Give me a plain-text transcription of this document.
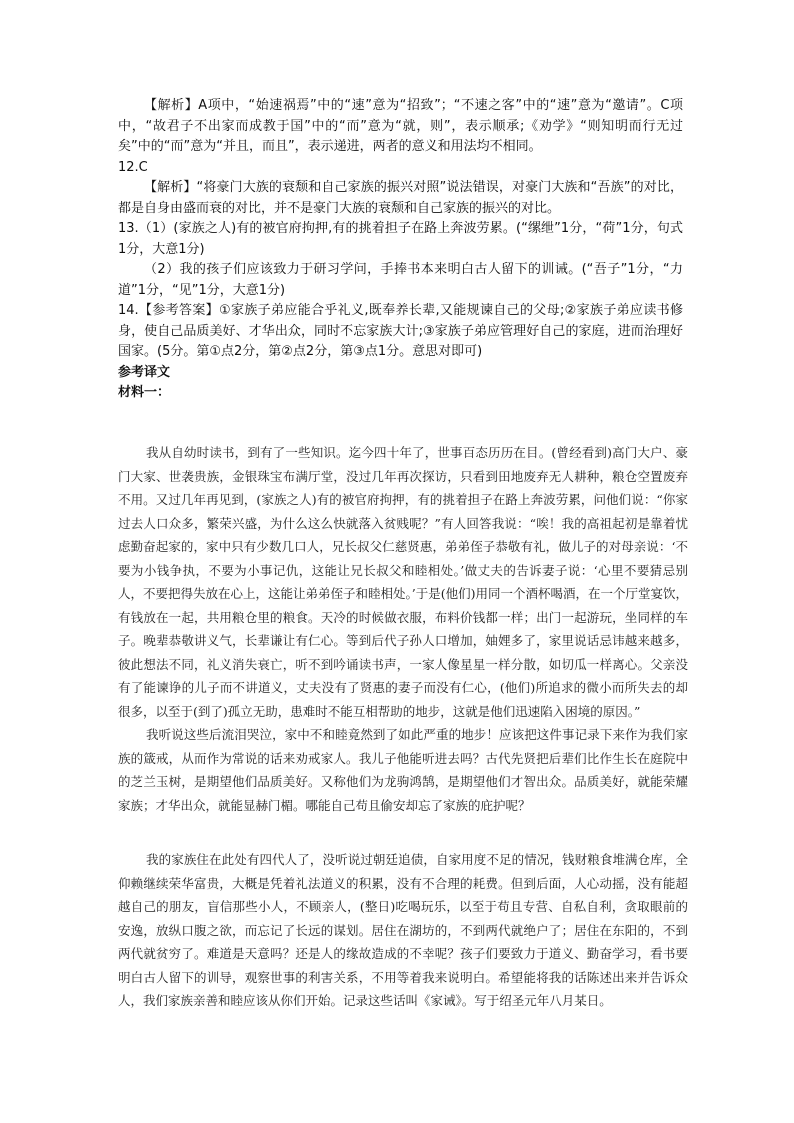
【解析】A项中，“始速祸焉”中的“速”意为“招致”；“不速之客”中的“速”意为“邀请”。C项中，“故君子不出家而成教于国”中的“而”意为“就，则”，表示顺承;《劝学》“则知明而行无过矣”中的“而”意为“并且，而且”，表示递进，两者的意义和用法均不相同。

12.C

【解析】“将豪门大族的衰颓和自己家族的振兴对照”说法错误，对豪门大族和“吾族”的对比，都是自身由盛而衰的对比，并不是豪门大族的衰颓和自己家族的振兴的对比。

13.（1）(家族之人)有的被官府拘押,有的挑着担子在路上奔波劳累。(“缧绁”1分，“荷”1分，句式1分，大意1分)

（2）我的孩子们应该致力于研习学问，手捧书本来明白古人留下的训诫。(“吾子”1分，“力道”1分，“见”1分，大意1分)

14.【参考答案】①家族子弟应能合乎礼义,既奉养长辈,又能规谏自己的父母;②家族子弟应读书修身，使自己品质美好、才华出众，同时不忘家族大计;③家族子弟应管理好自己的家庭，进而治理好国家。(5分。第①点2分，第②点2分，第③点1分。意思对即可)

参考译文

材料一：

我从自幼时读书，到有了一些知识。迄今四十年了，世事百态历历在目。(曾经看到)高门大户、豪门大家、世袭贵族，金银珠宝布满厅堂，没过几年再次探访，只看到田地废弃无人耕种，粮仓空置废弃不用。又过几年再见到，(家族之人)有的被官府拘押，有的挑着担子在路上奔波劳累，问他们说：“你家过去人口众多，繁荣兴盛，为什么这么快就落入贫贱呢？”有人回答我说：“唉！我的高祖起初是靠着忧虑勤奋起家的，家中只有少数几口人，兄长叔父仁慈贤惠，弟弟侄子恭敬有礼，做儿子的对母亲说：‘不要为小钱争执，不要为小事记仇，这能让兄长叔父和睦相处。’做丈夫的告诉妻子说：‘心里不要猜忌别人，不要把得失放在心上，这能让弟弟侄子和睦相处。’于是(他们)用同一个酒杯喝酒，在一个厅堂宴饮，有钱放在一起，共用粮仓里的粮食。天冷的时候做衣服，布料价钱都一样；出门一起游玩，坐同样的车子。晚辈恭敬讲义气，长辈谦让有仁心。等到后代子孙人口增加，妯娌多了，家里说话忌讳越来越多，彼此想法不同，礼义消失衰亡，听不到吟诵读书声，一家人像星星一样分散，如切瓜一样离心。父亲没有了能谏诤的儿子而不讲道义，丈夫没有了贤惠的妻子而没有仁心，(他们)所追求的微小而所失去的却很多，以至于(到了)孤立无助，患难时不能互相帮助的地步，这就是他们迅速陷入困境的原因。”

我听说这些后流泪哭泣，家中不和睦竟然到了如此严重的地步！应该把这件事记录下来作为我们家族的箴戒，从而作为常说的话来劝戒家人。我儿子他能听进去吗？古代先贤把后辈们比作生长在庭院中的芝兰玉树，是期望他们品质美好。又称他们为龙驹鸿鹄，是期望他们才智出众。品质美好，就能荣耀家族；才华出众，就能显赫门楣。哪能自己苟且偷安却忘了家族的庇护呢？

我的家族住在此处有四代人了，没听说过朝廷追债，自家用度不足的情况，钱财粮食堆满仓库，全仰赖继续荣华富贵，大概是凭着礼法道义的积累，没有不合理的耗费。但到后面，人心动摇，没有能超越自己的朋友，盲信那些小人，不顾亲人，(整日)吃喝玩乐，以至于苟且专营、自私自利，贪取眼前的安逸，放纵口腹之欲，而忘记了长远的谋划。居住在湖坊的，不到两代就绝户了；居住在东阳的，不到两代就贫穷了。难道是天意吗？还是人的缘故造成的不幸呢？孩子们要致力于道义、勤奋学习，看书要明白古人留下的训导，观察世事的利害关系，不用等着我来说明白。希望能将我的话陈述出来并告诉众人，我们家族亲善和睦应该从你们开始。记录这些话叫《家诫》。写于绍圣元年八月某日。
